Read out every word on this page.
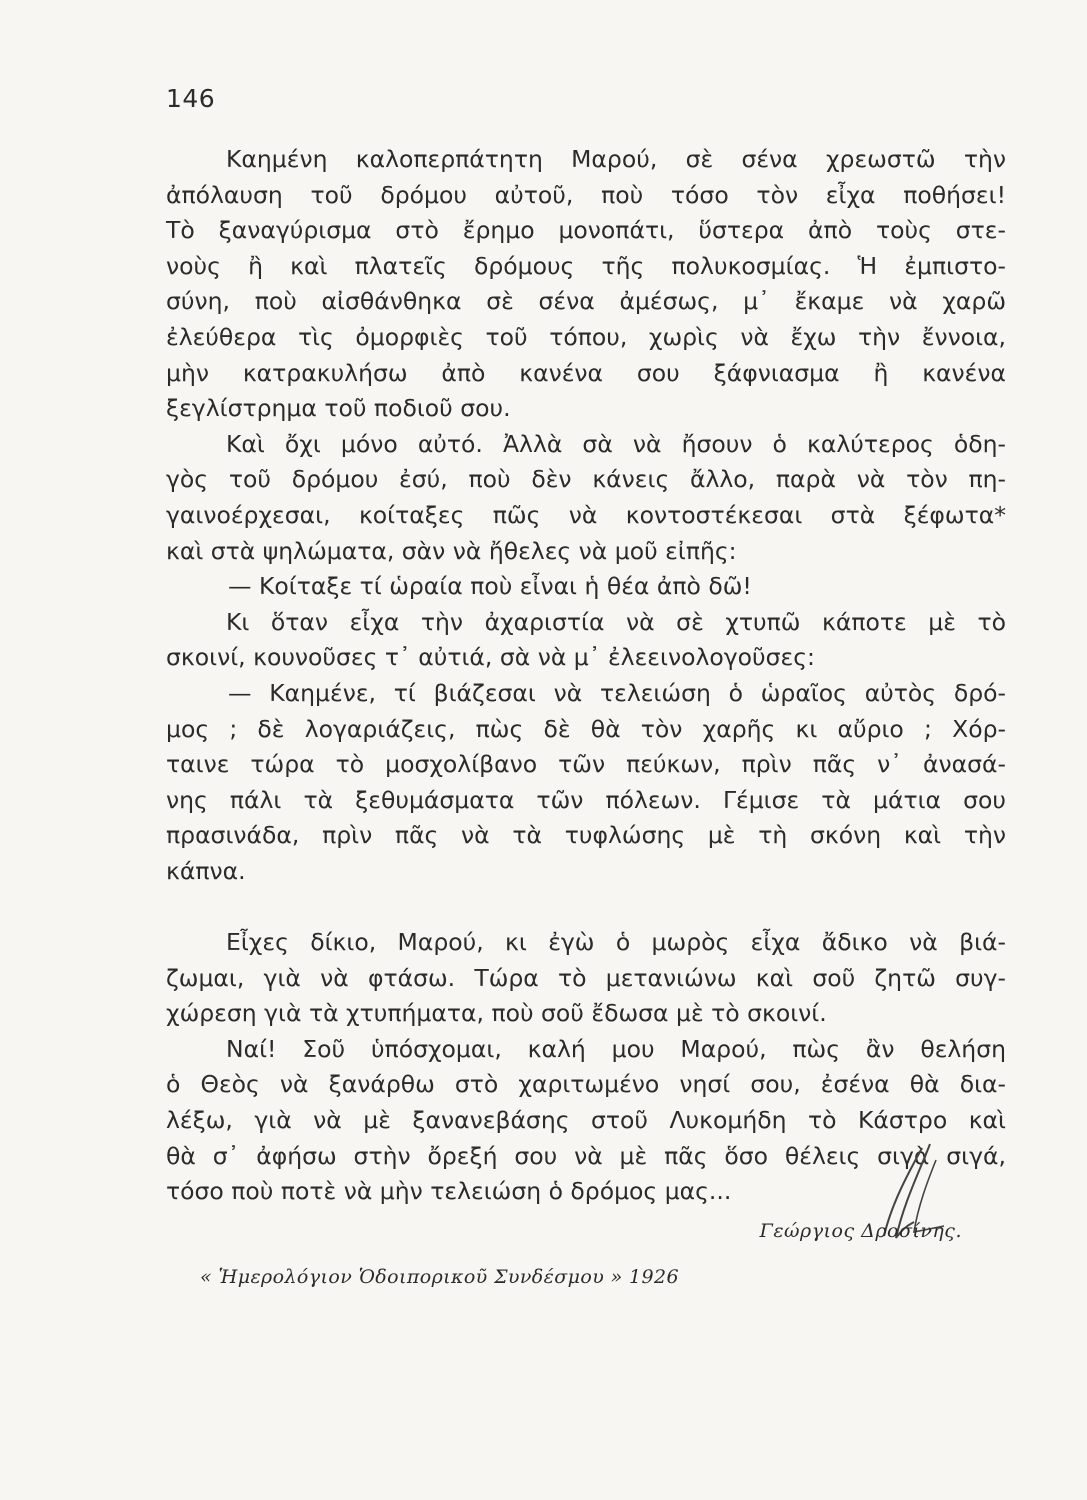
146
Καημένη καλοπερπάτητη Μαρού, σὲ σένα χρεωστῶ τὴν
ἀπόλαυση τοῦ δρόμου αὐτοῦ, ποὺ τόσο τὸν εἶχα ποθήσει!
Τὸ ξαναγύρισμα στὸ ἔρημο μονοπάτι, ὕστερα ἀπὸ τοὺς στε-
νοὺς ἢ καὶ πλατεῖς δρόμους τῆς πολυκοσμίας. Ἡ ἐμπιστο-
σύνη, ποὺ αἰσθάνθηκα σὲ σένα ἀμέσως, μ᾿ ἔκαμε νὰ χαρῶ
ἐλεύθερα τὶς ὀμορφιὲς τοῦ τόπου, χωρὶς νὰ ἔχω τὴν ἔννοια,
μὴν κατρακυλήσω ἀπὸ κανένα σου ξάφνιασμα ἢ κανένα
ξεγλίστρημα τοῦ ποδιοῦ σου.
Καὶ ὄχι μόνο αὐτό. Ἀλλὰ σὰ νὰ ἤσουν ὁ καλύτερος ὁδη-
γὸς τοῦ δρόμου ἐσύ, ποὺ δὲν κάνεις ἄλλο, παρὰ νὰ τὸν πη-
γαινοέρχεσαι, κοίταξες πῶς νὰ κοντοστέκεσαι στὰ ξέφωτα*
καὶ στὰ ψηλώματα, σὰν νὰ ἤθελες νὰ μοῦ εἰπῆς:
— Κοίταξε τί ὡραία ποὺ εἶναι ἡ θέα ἀπὸ δῶ!
Κι ὅταν εἶχα τὴν ἀχαριστία νὰ σὲ χτυπῶ κάποτε μὲ τὸ
σκοινί, κουνοῦσες τ᾿ αὐτιά, σὰ νὰ μ᾿ ἐλεεινολογοῦσες:
— Καημένε, τί βιάζεσαι νὰ τελειώση ὁ ὡραῖος αὐτὸς δρό-
μος ; δὲ λογαριάζεις, πὼς δὲ θὰ τὸν χαρῆς κι αὔριο ; Χόρ-
ταινε τώρα τὸ μοσχολίβανο τῶν πεύκων, πρὶν πᾶς ν᾿ ἀνασά-
νης πάλι τὰ ξεθυμάσματα τῶν πόλεων. Γέμισε τὰ μάτια σου
πρασινάδα, πρὶν πᾶς νὰ τὰ τυφλώσης μὲ τὴ σκόνη καὶ τὴν
κάπνα.
Εἶχες δίκιο, Μαρού, κι ἐγὼ ὁ μωρὸς εἶχα ἄδικο νὰ βιά-
ζωμαι, γιὰ νὰ φτάσω. Τώρα τὸ μετανιώνω καὶ σοῦ ζητῶ συγ-
χώρεση γιὰ τὰ χτυπήματα, ποὺ σοῦ ἔδωσα μὲ τὸ σκοινί.
Ναί! Σοῦ ὑπόσχομαι, καλή μου Μαρού, πὼς ἂν θελήση
ὁ Θεὸς νὰ ξανάρθω στὸ χαριτωμένο νησί σου, ἐσένα θὰ δια-
λέξω, γιὰ νὰ μὲ ξανανεβάσης στοῦ Λυκομήδη τὸ Κάστρο καὶ
θὰ σ᾿ ἀφήσω στὴν ὄρεξή σου νὰ μὲ πᾶς ὅσο θέλεις σιγὰ σιγά,
τόσο ποὺ ποτὲ νὰ μὴν τελειώση ὁ δρόμος μας...
Γεώργιος Δροσίνης.
« Ἡμερολόγιον Ὁδοιπορικοῦ Συνδέσμου » 1926
